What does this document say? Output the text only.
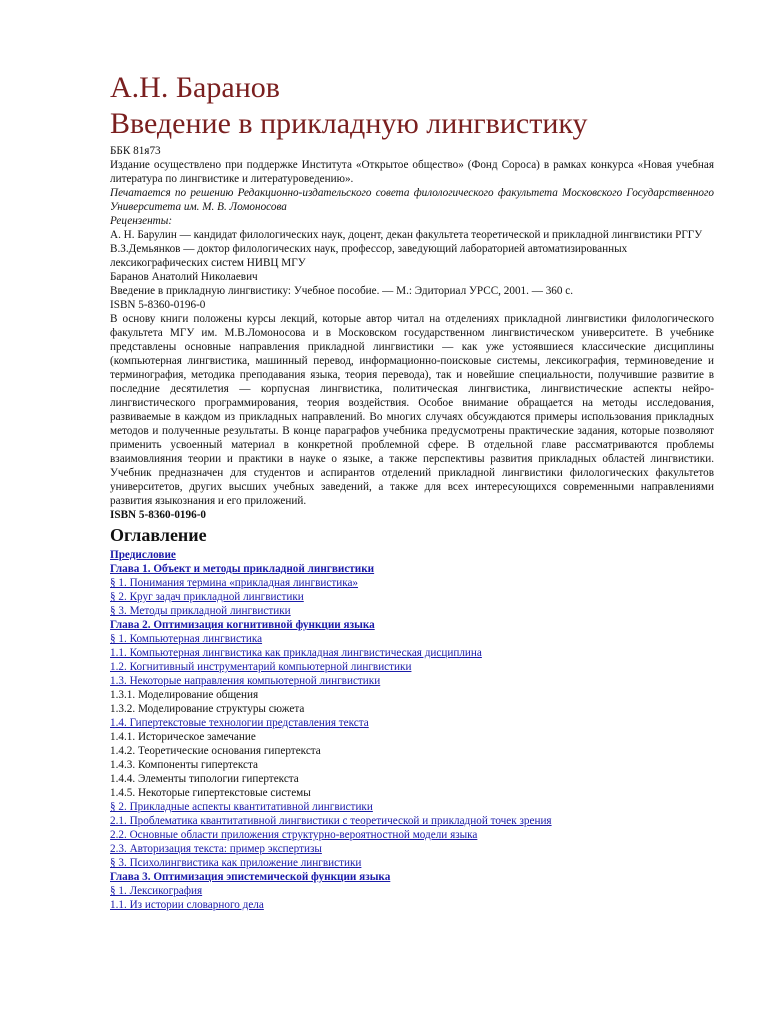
А.Н. Баранов
Введение в прикладную лингвистику

ББК 81я73

Издание осуществлено при поддержке Института «Открытое общество» (Фонд Сороса) в рамках конкурса «Новая учебная литература по лингвистике и литературоведению».

Печатается по решению Редакционно-издательского совета филологического факультета Московского Государственного Университета им. М. В. Ломоносова

Рецензенты:

А. Н. Барулин — кандидат филологических наук, доцент, декан факультета теоретической и прикладной лингвистики РГГУ

В.З.Демьянков — доктор филологических наук, профессор, заведующий лабораторией автоматизированных лексикографических систем НИВЦ МГУ

Баранов Анатолий Николаевич

Введение в прикладную лингвистику: Учебное пособие. — М.: Эдиториал УРСС, 2001. — 360 с.

ISBN 5-8360-0196-0

В основу книги положены курсы лекций, которые автор читал на отделениях прикладной лингвистики филологического факультета МГУ им. М.В.Ломоносова и в Московском государственном лингвистическом университете. В учебнике представлены основные направления прикладной лингвистики — как уже устоявшиеся классические дисциплины (компьютерная лингвистика, машинный перевод, информационно-поисковые системы, лексикография, терминоведение и терминография, методика преподавания языка, теория перевода), так и новейшие специальности, получившие развитие в последние десятилетия — корпусная лингвистика, политическая лингвистика, лингвистические аспекты нейро-лингвистического программирования, теория воздействия. Особое внимание обращается на методы исследования, развиваемые в каждом из прикладных направлений. Во многих случаях обсуждаются примеры использования прикладных методов и полученные результаты. В конце параграфов учебника предусмотрены практические задания, которые позволяют применить усвоенный материал в конкретной проблемной сфере. В отдельной главе рассматриваются проблемы взаимовлияния теории и практики в науке о языке, а также перспективы развития прикладных областей лингвистики. Учебник предназначен для студентов и аспирантов отделений прикладной лингвистики филологических факультетов университетов, других высших учебных заведений, а также для всех интересующихся современными направлениями развития языкознания и его приложений.

ISBN 5-8360-0196-0

Оглавление
Предисловие
Глава 1. Объект и методы прикладной лингвистики
§ 1. Понимания термина «прикладная лингвистика»
§ 2. Круг задач прикладной лингвистики
§ 3. Методы прикладной лингвистики
Глава 2. Оптимизация когнитивной функции языка
§ 1. Компьютерная лингвистика
1.1. Компьютерная лингвистика как прикладная лингвистическая дисциплина
1.2. Когнитивный инструментарий компьютерной лингвистики
1.3. Некоторые направления компьютерной лингвистики
1.3.1. Моделирование общения
1.3.2. Моделирование структуры сюжета
1.4. Гипертекстовые технологии представления текста
1.4.1. Историческое замечание
1.4.2. Теоретические основания гипертекста
1.4.3. Компоненты гипертекста
1.4.4. Элементы типологии гипертекста
1.4.5. Некоторые гипертекстовые системы
§ 2. Прикладные аспекты квантитативной лингвистики
2.1. Проблематика квантитативной лингвистики с теоретической и прикладной точек зрения
2.2. Основные области приложения структурно-вероятностной модели языка
2.3. Авторизация текста: пример экспертизы
§ 3. Психолингвистика как приложение лингвистики
Глава 3. Оптимизация эпистемической функции языка
§ 1. Лексикография
1.1. Из истории словарного дела
